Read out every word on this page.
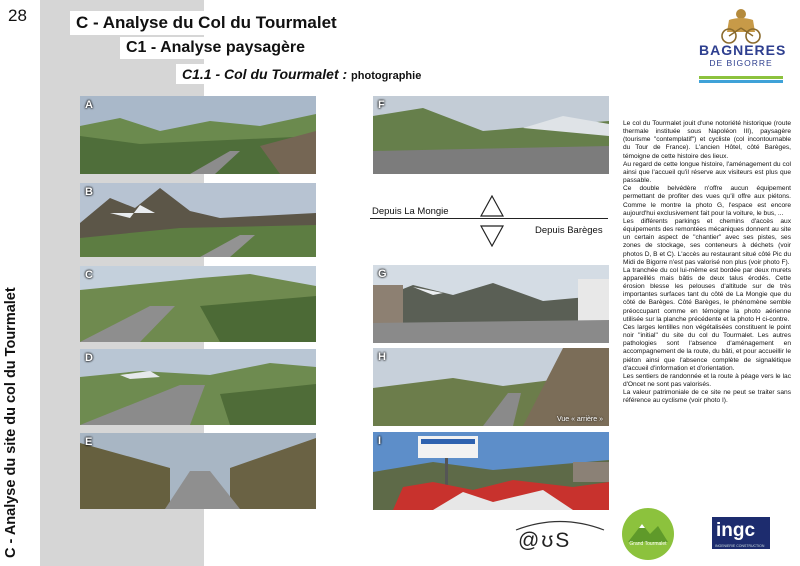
28
C - Analyse du site du col du Tourmalet
C - Analyse du Col du Tourmalet
C1 - Analyse paysagère
C1.1 - Col du Tourmalet : photographie
BAGNERES
DE BIGORRE
A
B
C
D
E
F
Depuis La Mongie
Depuis Barèges
G
H
Vue « arrière »
I

Le col du Tourmalet jouit d'une notoriété historique (route thermale instituée sous Napoléon III), paysagère (tourisme "contemplatif") et cycliste (col incontournable du Tour de France). L'ancien Hôtel, côté Barèges, témoigne de cette histoire des lieux.

Au regard de cette longue histoire, l'aménagement du col ainsi que l'accueil qu'il réserve aux visiteurs est plus que passable.

Ce double belvédère n'offre aucun équipement permettant de profiter des vues qu'il offre aux piétons. Comme le montre la photo G, l'espace est encore aujourd'hui exclusivement fait pour la voiture, le bus, ...

Les différents parkings et chemins d'accès aux équipements des remontées mécaniques donnent au site un certain aspect de "chantier" avec ses pistes, ses zones de stockage, ses conteneurs à déchets (voir photos D, B et C). L'accès au restaurant situé côté Pic du Midi de Bigorre n'est pas valorisé non plus (voir photo F).

La tranchée du col lui-même est bordée par deux murets appareillés mais bâtis de deux talus érodés. Cette érosion blesse les pelouses d'altitude sur de très importantes surfaces tant du côté de La Mongie que du côté de Barèges. Côté Barèges, le phénomène semble préoccupant comme en témoigne la photo aérienne utilisée sur la planche précédente et la photo H ci-contre.

Ces larges lentilles non végétalisées constituent le point noir "initial" du site du col du Tourmalet. Les autres pathologies sont l'absence d'aménagement en accompagnement de la route, du bâti, et pour accueillir le piéton ainsi que l'absence complète de signalétique d'accueil d'information et d'orientation.

Les sentiers de randonnée et la route à péage vers le lac d'Oncet ne sont pas valorisés.

La valeur patrimoniale de ce site ne peut se traiter sans référence au cyclisme (voir photo I).

@ʊS	Grand Tourmalet
ingc
INGENIERIE CONSTRUCTION
